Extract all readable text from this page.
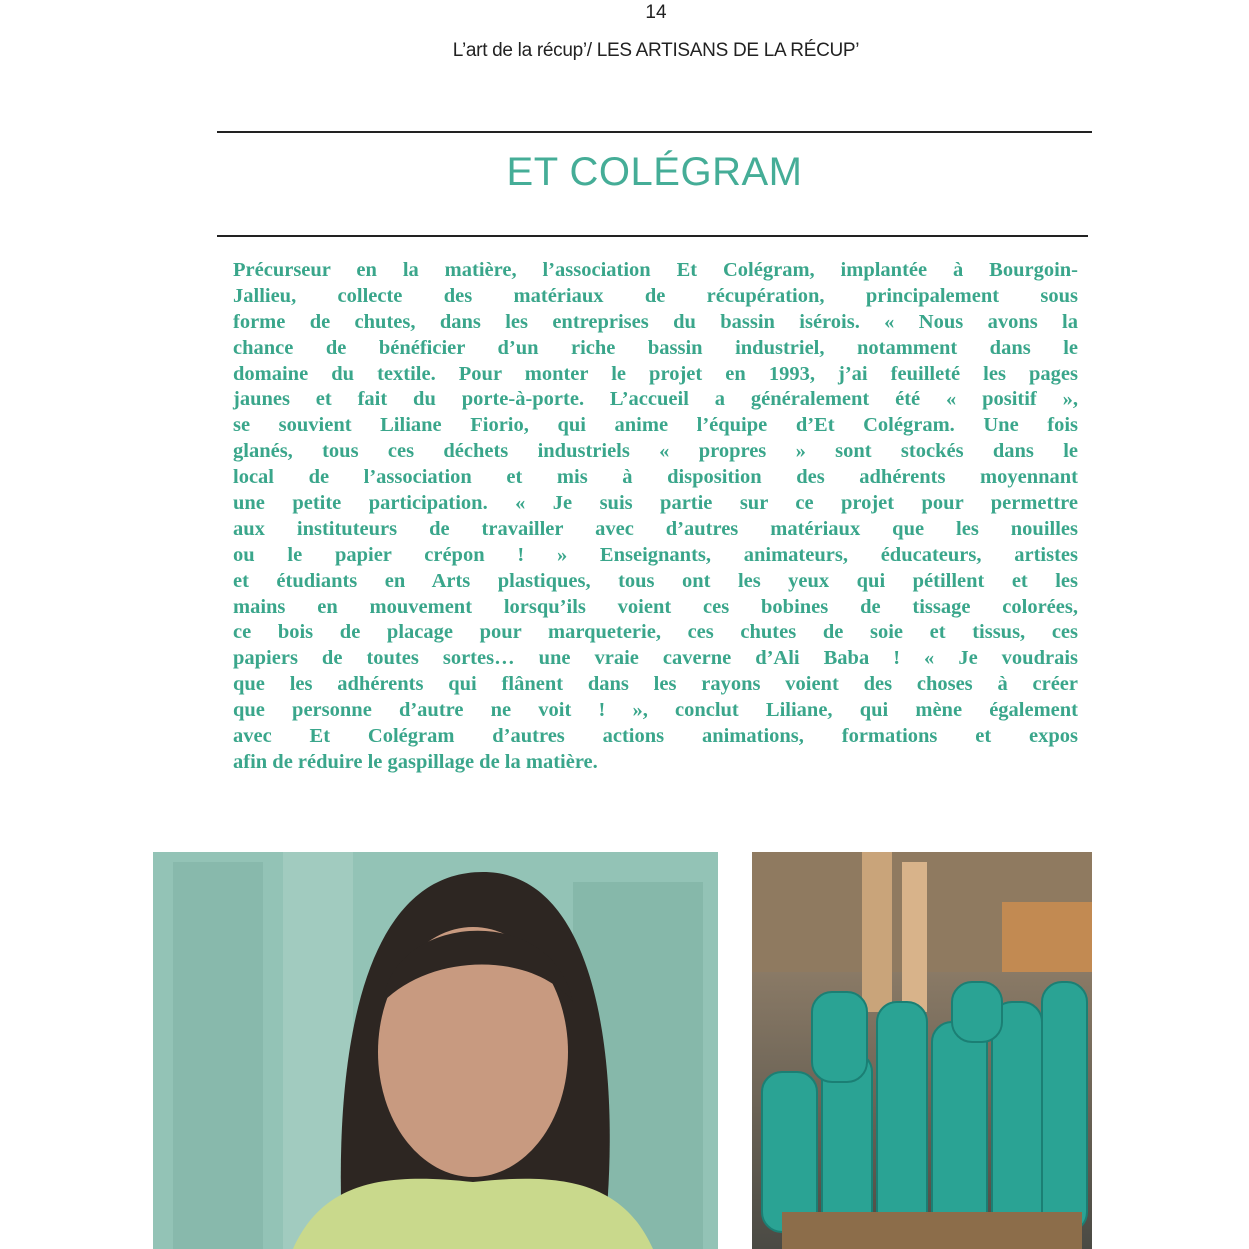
14
L’art de la récup’/ LES ARTISANS DE LA RÉCUP’
ET COLÉGRAM
Précurseur en la matière, l’association Et Colégram, implantée à Bourgoin-
Jallieu, collecte des matériaux de récupération, principalement sous
forme de chutes, dans les entreprises du bassin isérois. « Nous avons la
chance de bénéficier d’un riche bassin industriel, notamment dans le
domaine du textile. Pour monter le projet en 1993, j’ai feuilleté les pages
jaunes et fait du porte-à-porte. L’accueil a généralement été « positif »,
se souvient Liliane Fiorio, qui anime l’équipe d’Et Colégram. Une fois
glanés, tous ces déchets industriels « propres » sont stockés dans le
local de l’association et mis à disposition des adhérents moyennant
une petite participation. « Je suis partie sur ce projet pour permettre
aux instituteurs de travailler avec d’autres matériaux que les nouilles
ou le papier crépon ! » Enseignants, animateurs, éducateurs, artistes
et étudiants en Arts plastiques, tous ont les yeux qui pétillent et les
mains en mouvement lorsqu’ils voient ces bobines de tissage colorées,
ce bois de placage pour marqueterie, ces chutes de soie et tissus, ces
papiers de toutes sortes… une vraie caverne d’Ali Baba ! « Je voudrais
que les adhérents qui flânent dans les rayons voient des choses à créer
que personne d’autre ne voit ! », conclut Liliane, qui mène également
avec Et Colégram d’autres actions animations, formations et expos
afin de réduire le gaspillage de la matière.
